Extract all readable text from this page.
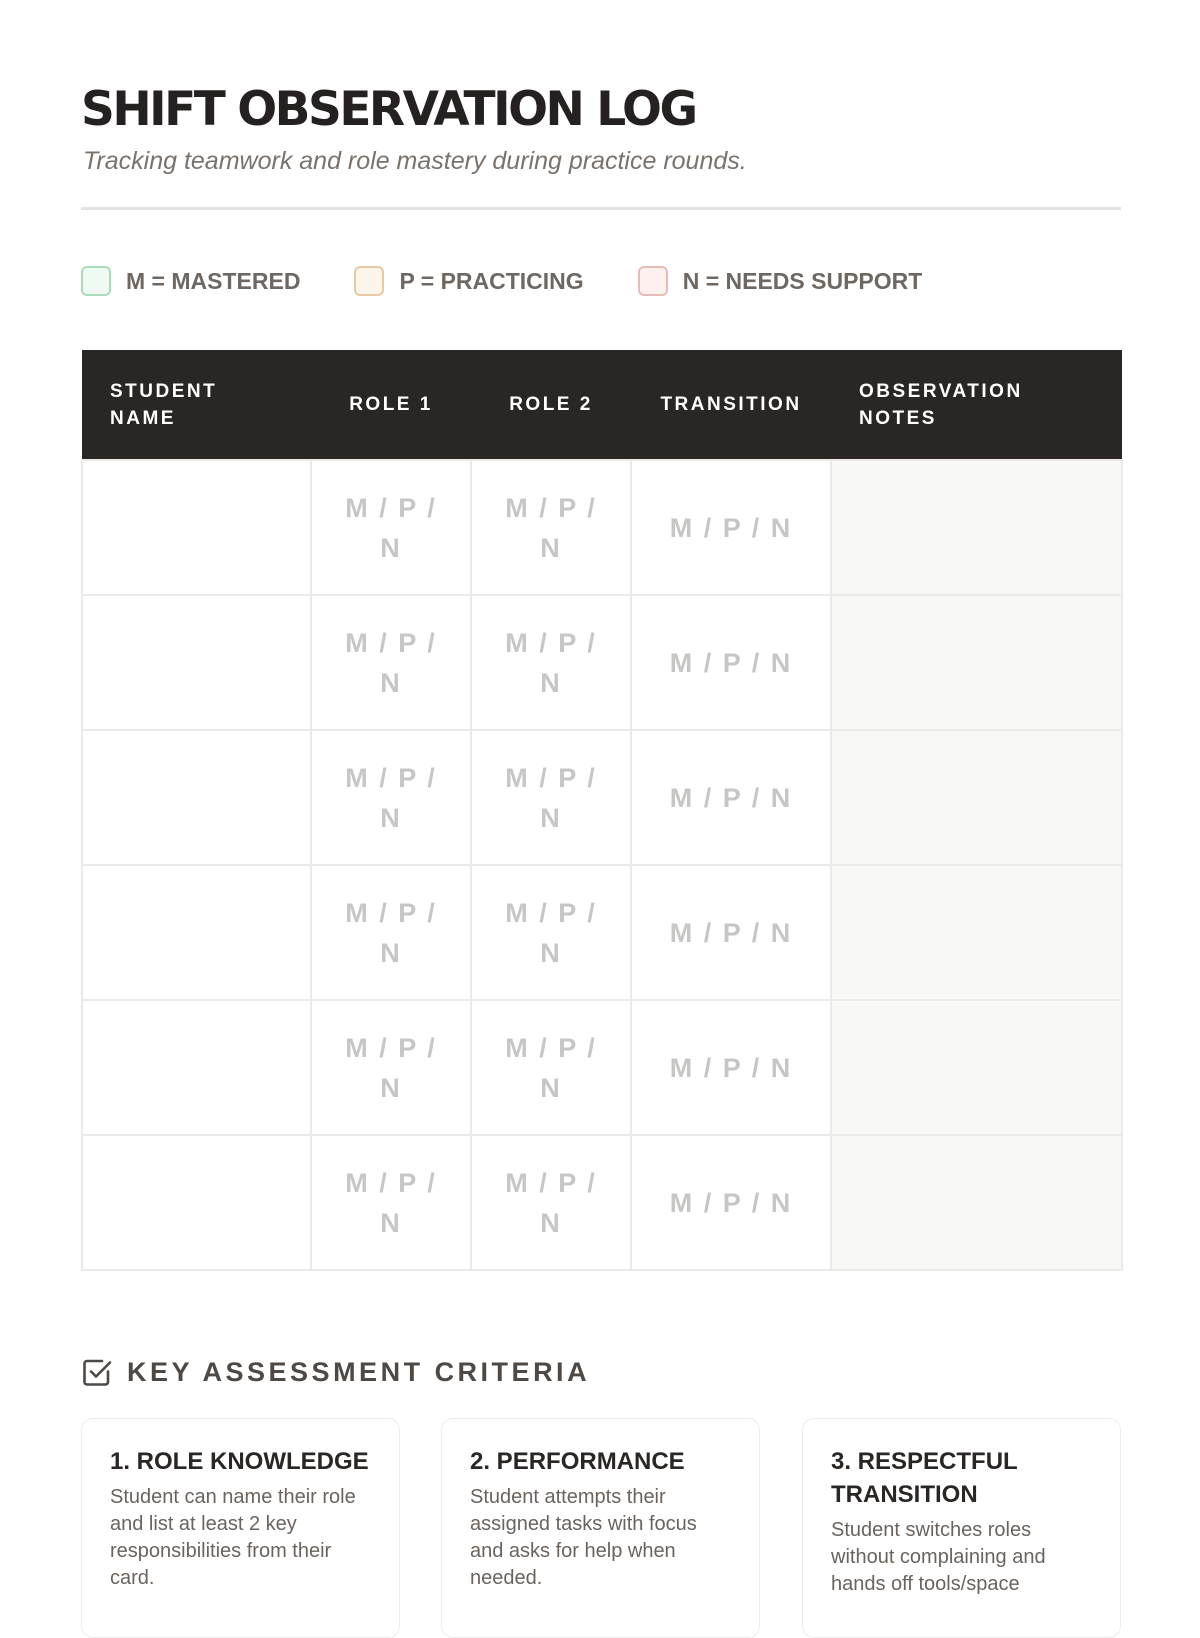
SHIFT OBSERVATION LOG

Tracking teamwork and role mastery during practice rounds.

M = MASTERED	P = PRACTICING	N = NEEDS SUPPORT
STUDENT NAME	ROLE 1	ROLE 2	TRANSITION	OBSERVATION NOTES
	M / P / N	M / P / N	M / P / N	
	M / P / N	M / P / N	M / P / N	
	M / P / N	M / P / N	M / P / N	
	M / P / N	M / P / N	M / P / N	
	M / P / N	M / P / N	M / P / N	
	M / P / N	M / P / N	M / P / N	
KEY ASSESSMENT CRITERIA
1. ROLE KNOWLEDGE

Student can name their role and list at least 2 key responsibilities from their card.

2. PERFORMANCE

Student attempts their assigned tasks with focus and asks for help when needed.

3. RESPECTFUL TRANSITION

Student switches roles without complaining and hands off tools/space
